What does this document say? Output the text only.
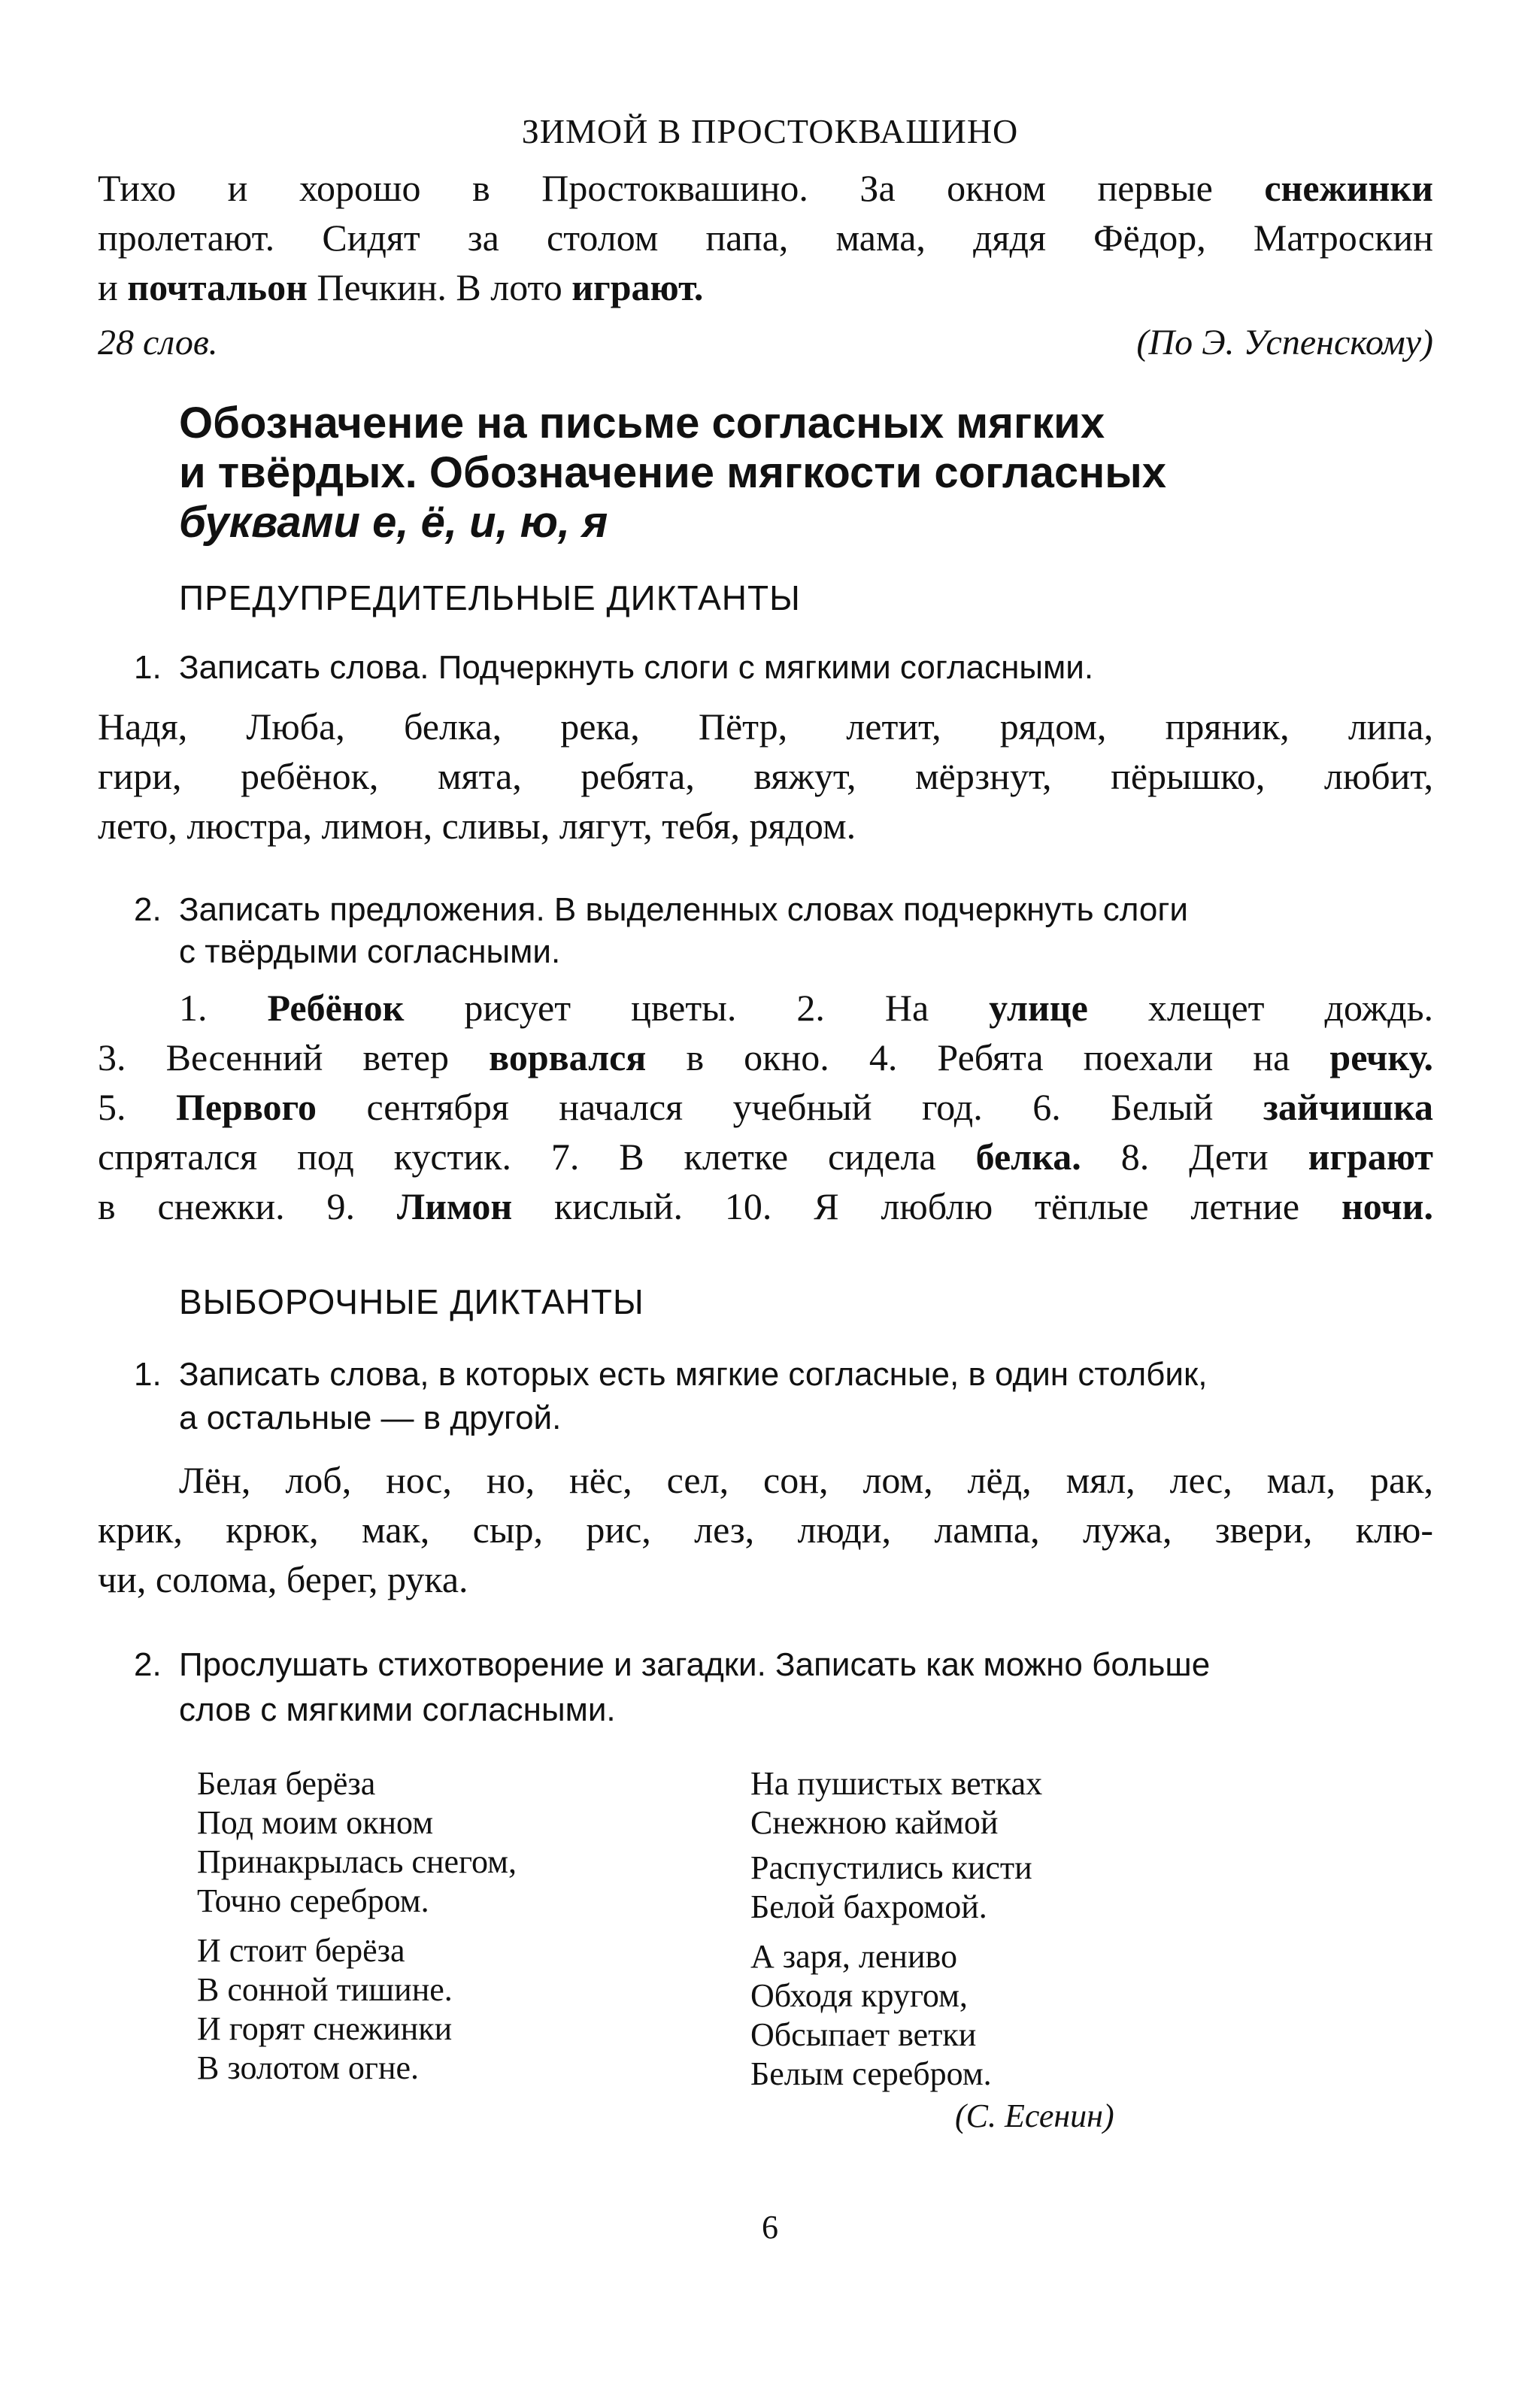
ЗИМОЙ В ПРОСТОКВАШИНО
Тихо и хорошо в Простоквашино. За окном первые снежинки
пролетают. Сидят за столом папа, мама, дядя Фёдор, Матроскин
и почтальон Печкин. В лото играют.
28 слов.	(По Э. Успенскому)
Обозначение на письме согласных мягких
и твёрдых. Обозначение мягкости согласных
буквами е, ё, и, ю, я
ПРЕДУПРЕДИТЕЛЬНЫЕ ДИКТАНТЫ
1. Записать слова. Подчеркнуть слоги с мягкими согласными.
Надя, Люба, белка, река, Пётр, летит, рядом, пряник, липа,
гири, ребёнок, мята, ребята, вяжут, мёрзнут, пёрышко, любит,
лето, люстра, лимон, сливы, лягут, тебя, рядом.
2. Записать предложения. В выделенных словах подчеркнуть слоги
с твёрдыми согласными.
1. Ребёнок рисует цветы. 2. На улице хлещет дождь.
3. Весенний ветер ворвался в окно. 4. Ребята поехали на речку.
5. Первого сентября начался учебный год. 6. Белый зайчишка
спрятался под кустик. 7. В клетке сидела белка. 8. Дети играют
в снежки. 9. Лимон кислый. 10. Я люблю тёплые летние ночи.
ВЫБОРОЧНЫЕ ДИКТАНТЫ
1. Записать слова, в которых есть мягкие согласные, в один столбик,
а остальные — в другой.
Лён, лоб, нос, но, нёс, сел, сон, лом, лёд, мял, лес, мал, рак,
крик, крюк, мак, сыр, рис, лез, люди, лампа, лужа, звери, клю-
чи, солома, берег, рука.
2. Прослушать стихотворение и загадки. Записать как можно больше
слов с мягкими согласными.
Белая берёза
Под моим окном
Принакрылась снегом,
Точно серебром.
И стоит берёза
В сонной тишине.
И горят снежинки
В золотом огне.
На пушистых ветках
Снежною каймой
Распустились кисти
Белой бахромой.
А заря, лениво
Обходя кругом,
Обсыпает ветки
Белым серебром.
(С. Есенин)
6
